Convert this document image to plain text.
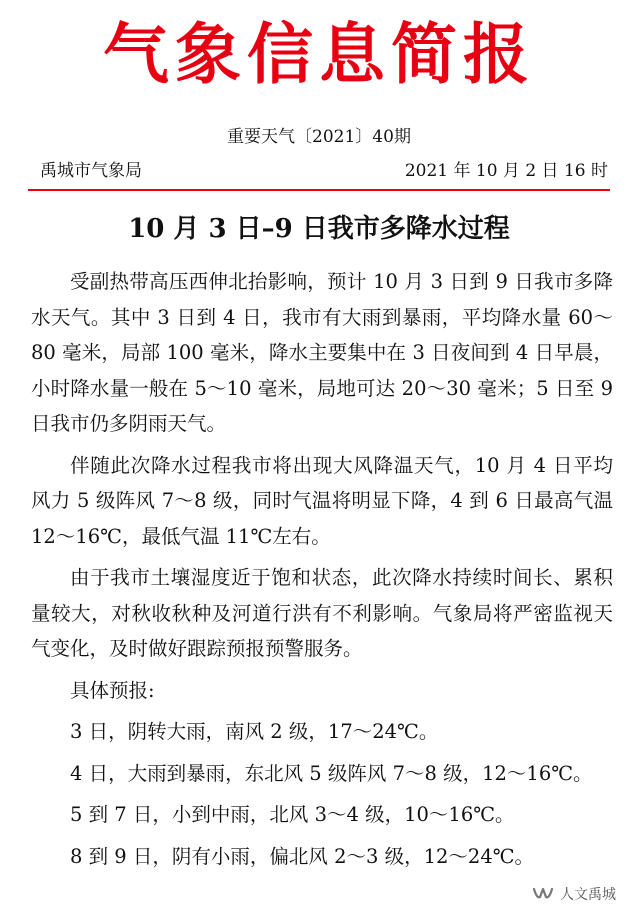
气象信息简报
重要天气〔2021〕40期
禹城市气象局	2021 年 10 月 2 日 16 时
10 月 3 日–9 日我市多降水过程

受副热带高压西伸北抬影响，预计 10 月 3 日到 9 日我市多降水天气。其中 3 日到 4 日，我市有大雨到暴雨，平均降水量 60～80 毫米，局部 100 毫米，降水主要集中在 3 日夜间到 4 日早晨，小时降水量一般在 5～10 毫米，局地可达 20～30 毫米；5 日至 9 日我市仍多阴雨天气。

伴随此次降水过程我市将出现大风降温天气，10 月 4 日平均风力 5 级阵风 7～8 级，同时气温将明显下降，4 到 6 日最高气温 12～16℃，最低气温 11℃左右。

由于我市土壤湿度近于饱和状态，此次降水持续时间长、累积量较大，对秋收秋种及河道行洪有不利影响。气象局将严密监视天气变化，及时做好跟踪预报预警服务。

具体预报:
3 日，阴转大雨，南风 2 级，17～24℃。
4 日，大雨到暴雨，东北风 5 级阵风 7～8 级，12～16℃。
5 到 7 日，小到中雨，北风 3～4 级，10～16℃。
8 到 9 日，阴有小雨，偏北风 2～3 级，12～24℃。
人文禹城
